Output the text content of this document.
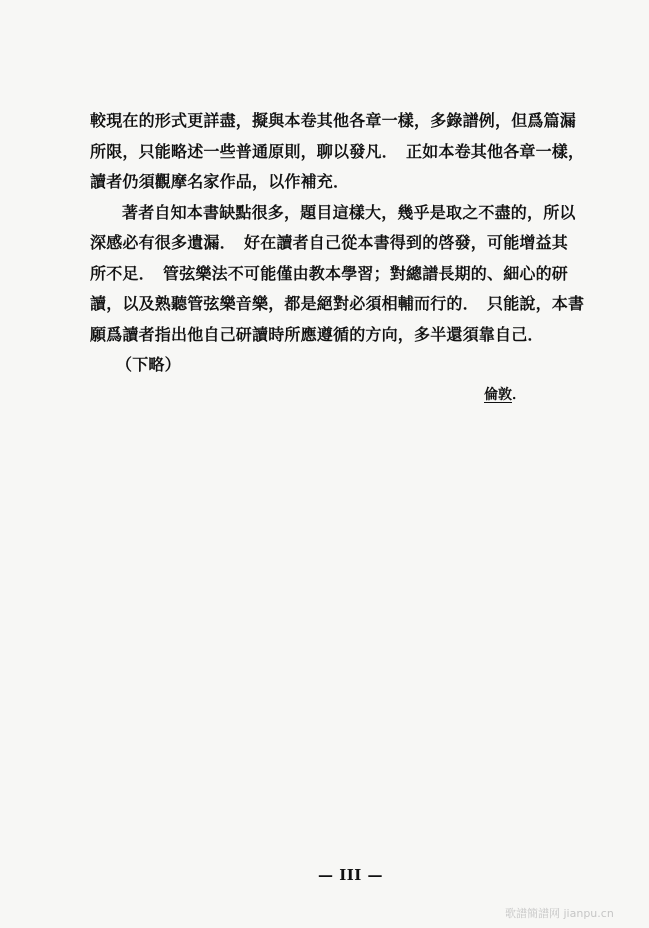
較現在的形式更詳盡，擬與本卷其他各章一樣，多錄譜例，但爲篇漏
所限，只能略述一些普通原則，聊以發凡．　正如本卷其他各章一樣，
讀者仍須觀摩名家作品，以作補充．
著者自知本書缺點很多，題目這樣大，幾乎是取之不盡的，所以
深感必有很多遺漏．　好在讀者自己從本書得到的啓發，可能增益其
所不足．　管弦樂法不可能僅由教本學習；對總譜長期的、細心的研
讀，以及熟聽管弦樂音樂，都是絕對必須相輔而行的．　只能說，本書
願爲讀者指出他自己研讀時所應遵循的方向，多半還須靠自己．
（下略）
倫敦．
— III —
歌譜簡譜网 jianpu.cn
